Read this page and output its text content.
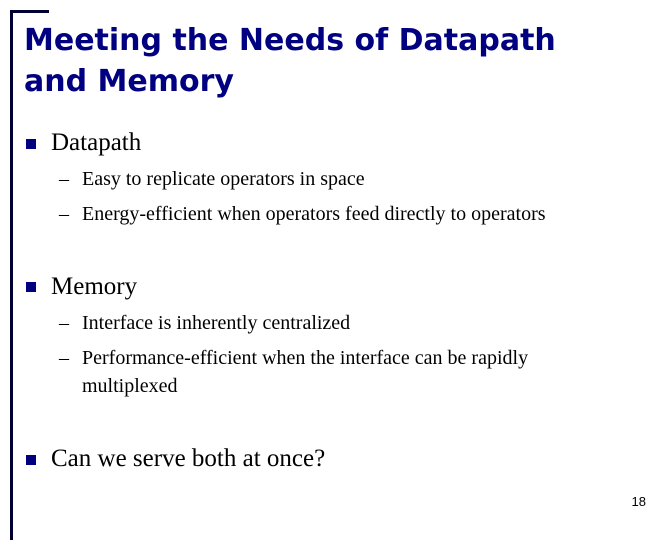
Meeting the Needs of Datapath
and Memory
Datapath
– Easy to replicate operators in space
– Energy-efficient when operators feed directly to operators
Memory
– Interface is inherently centralized
– Performance-efficient when the interface can be rapidly
multiplexed
Can we serve both at once?
18
